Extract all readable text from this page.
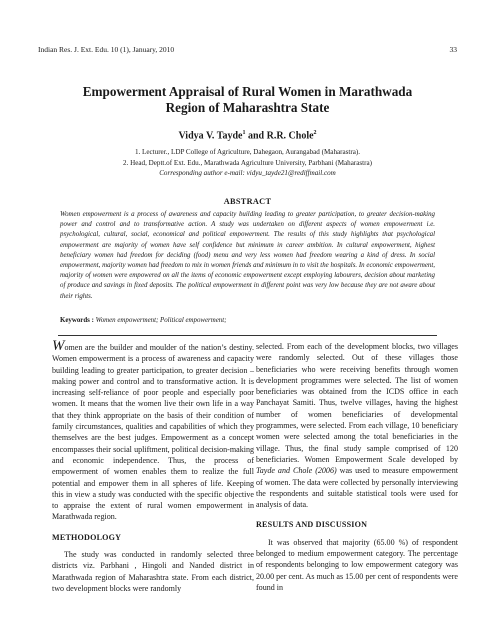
Indian Res. J. Ext. Edu. 10 (1), January, 2010	33
Empowerment Appraisal of Rural Women in Marathwada
Region of Maharashtra State
Vidya V. Tayde$^1$ and R.R. Chole$^2$
1. Lecturer., LDP College of Agriculture, Dahegaon, Aurangabad (Maharastra).
2. Head, Deptt.of Ext. Edu., Marathwada Agriculture University, Parbhani (Maharastra)
Corresponding author e-mail: vidyu_tayde21@rediffmail.com
ABSTRACT
Women empowerment is a process of awareness and capacity building leading to greater participation, to greater decision-making power and control and to transformative action. A study was undertaken on different aspects of women empowerment i.e. psychological, cultural, social, economical and political empowerment. The results of this study highlights that psychological empowerment are majority of women have self confidence but minimum in career ambition. In cultural empowerment, highest beneficiary women had freedom for deciding (food) menu and very less women had freedom wearing a kind of dress. In social empowerment, majority women had freedom to mix in women friends and minimum in to visit the hospitals. In economic empowerment, majority of women were empowered on all the items of economic empowerment except employing labourers, decision about marketing of produce and savings in fixed deposits. The political empowerment in different point was very low because they are not aware about their rights.
Keywords : Women empowerment; Political empowerment;

Women are the builder and moulder of the nation’s destiny. Women empowerment is a process of awareness and capacity building leading to greater participation, to greater decision – making power and control and to transformative action. It is increasing self-reliance of poor people and especially poor women. It means that the women live their own life in a way that they think appropriate on the basis of their condition of family circumstances, qualities and capabilities of which they themselves are the best judges. Empowerment as a concept encompasses their social upliftment, political decision-making and economic independence. Thus, the process of empowerment of women enables them to realize the full potential and empower them in all spheres of life. Keeping this in view a study was conducted with the specific objective to appraise the extent of rural women empowerment in Marathwada region.

METHODOLOGY

The study was conducted in randomly selected three districts viz. Parbhani , Hingoli and Nanded district in Marathwada region of Maharashtra state. From each district, two development blocks were randomly

selected. From each of the development blocks, two villages were randomly selected. Out of these villages those beneficiaries who were receiving benefits through women development programmes were selected. The list of women beneficiaries was obtained from the ICDS office in each Panchayat Samiti. Thus, twelve villages, having the highest number of women beneficiaries of developmental programmes, were selected. From each village, 10 beneficiary women were selected among the total beneficiaries in the village. Thus, the final study sample comprised of 120 beneficiaries. Women Empowerment Scale developed by Tayde and Chole (2006) was used to measure empowerment of women. The data were collected by personally interviewing the respondents and suitable statistical tools were used for analysis of data.

RESULTS AND DISCUSSION

It was observed that majority (65.00 %) of respondent belonged to medium empowerment category. The percentage of respondents belonging to low empowerment category was 20.00 per cent. As much as 15.00 per cent of respondents were found in
